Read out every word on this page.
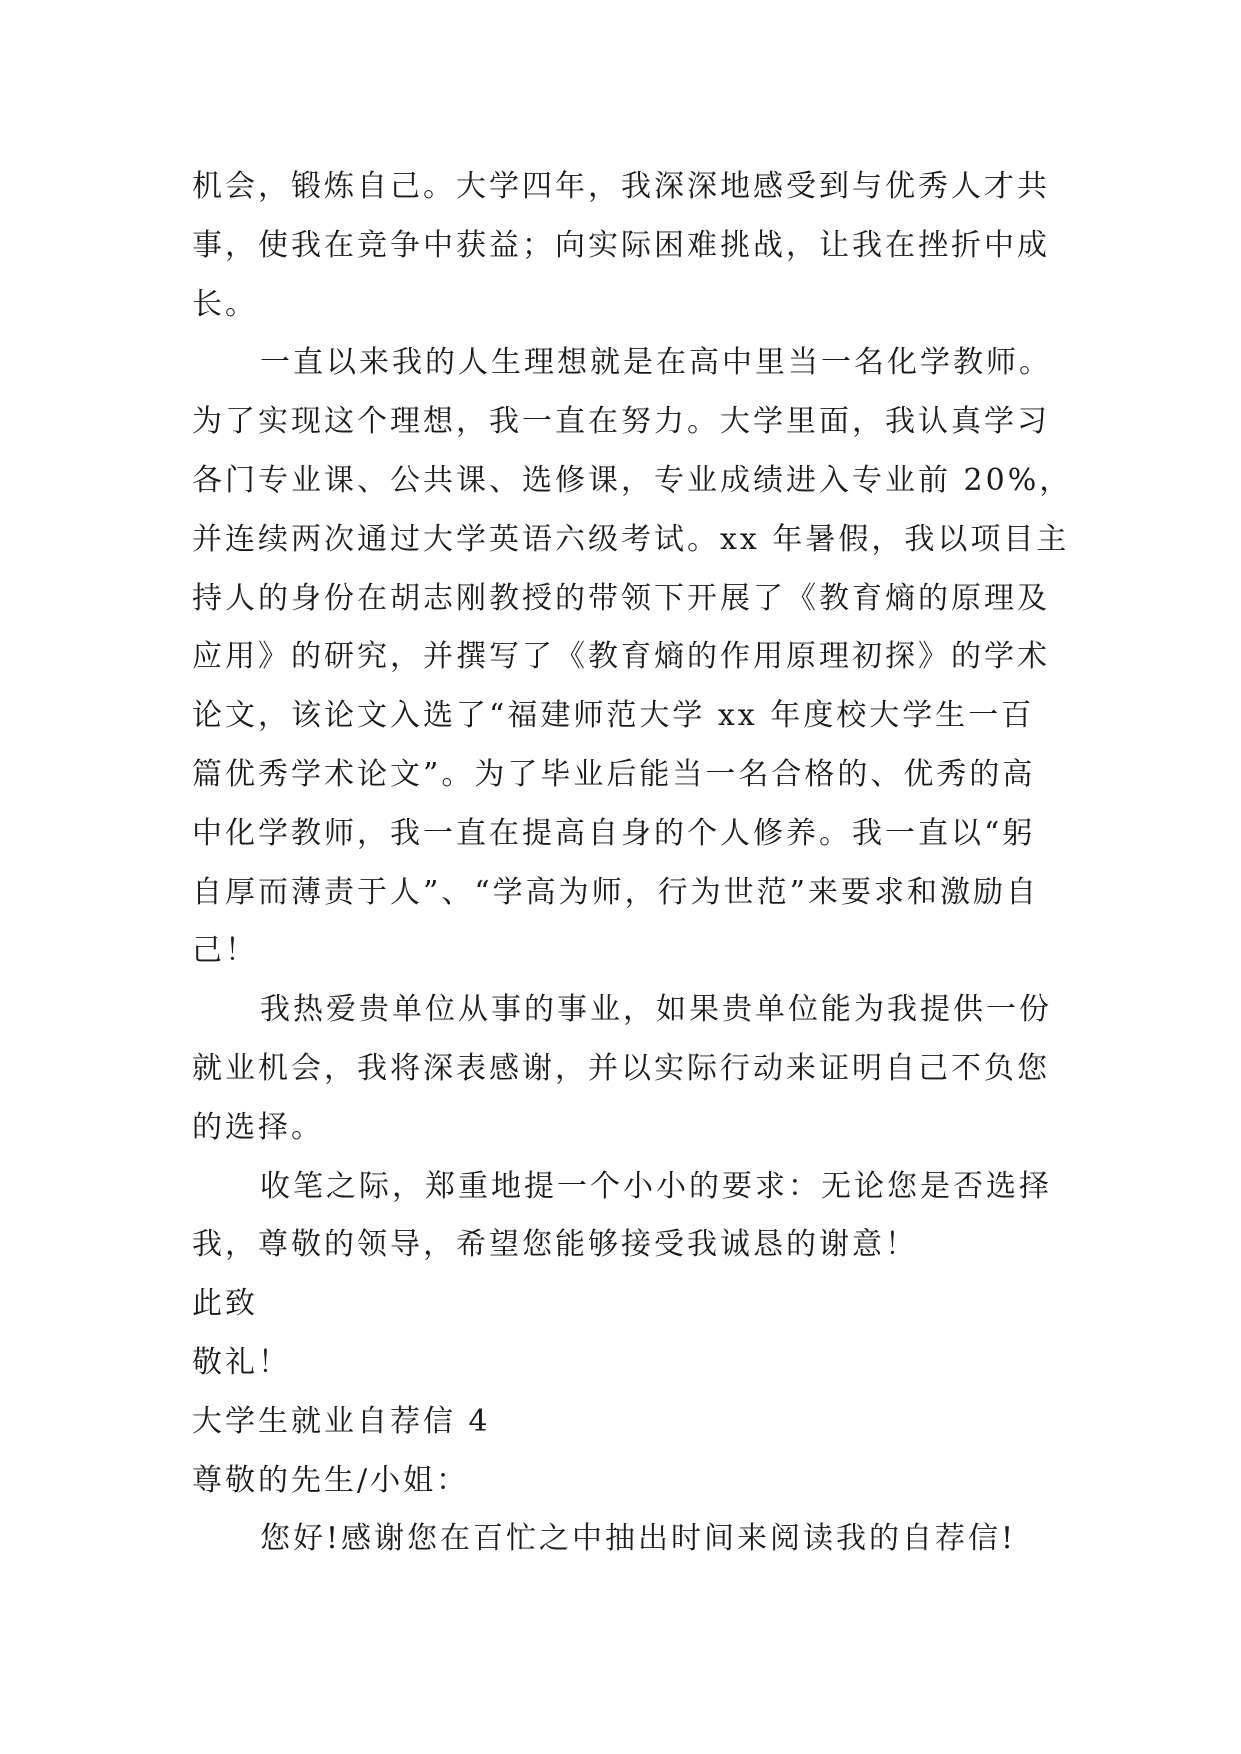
机会，锻炼自己。大学四年，我深深地感受到与优秀人才共
事，使我在竞争中获益；向实际困难挑战，让我在挫折中成
长。
一直以来我的人生理想就是在高中里当一名化学教师。
为了实现这个理想，我一直在努力。大学里面，我认真学习
各门专业课、公共课、选修课，专业成绩进入专业前 20%，
并连续两次通过大学英语六级考试。xx 年暑假，我以项目主
持人的身份在胡志刚教授的带领下开展了《教育熵的原理及
应用》的研究，并撰写了《教育熵的作用原理初探》的学术
论文，该论文入选了“福建师范大学 xx 年度校大学生一百
篇优秀学术论文”。为了毕业后能当一名合格的、优秀的高
中化学教师，我一直在提高自身的个人修养。我一直以“躬
自厚而薄责于人”、“学高为师，行为世范”来要求和激励自
己！
我热爱贵单位从事的事业，如果贵单位能为我提供一份
就业机会，我将深表感谢，并以实际行动来证明自己不负您
的选择。
收笔之际，郑重地提一个小小的要求：无论您是否选择
我，尊敬的领导，希望您能够接受我诚恳的谢意！
此致
敬礼！
大学生就业自荐信 4
尊敬的先生/小姐：
您好!感谢您在百忙之中抽出时间来阅读我的自荐信!
